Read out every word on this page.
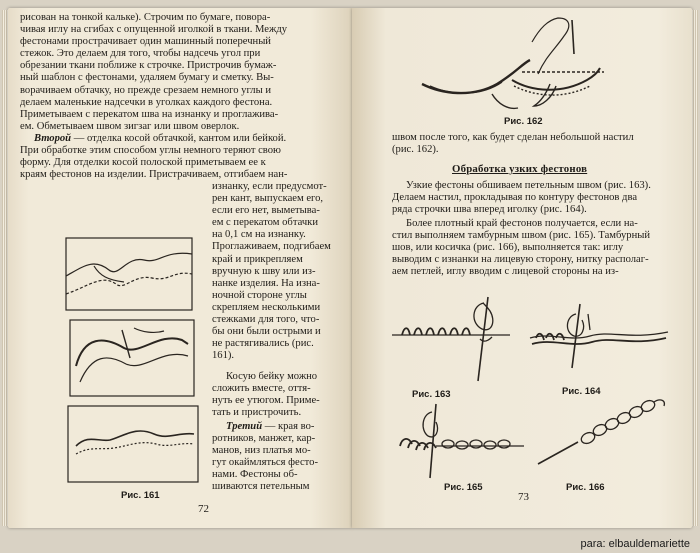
рисован на тонкой кальке). Строчим по бумаге, повора-
чивая иглу на сгибах с опущенной иголкой в ткани. Между
фестонами прострачивает один машинный поперечный
стежок. Это делаем для того, чтобы надсечь угол при
обрезании ткани поближе к строчке. Пристрочив бумаж-
ный шаблон с фестонами, удаляем бумагу и сметку. Вы-
ворачиваем обтачку, но прежде срезаем немного углы и
делаем маленькие надсечки в уголках каждого фестона.
Приметываем с перекатом шва на изнанку и проглажива-
ем. Обметываем швом зигзаг или швом оверлок.
Второй — отделка косой обтачкой, кантом или бейкой.
При обработке этим способом углы немного теряют свою
форму. Для отделки косой полоской приметываем ее к
краям фестонов на изделии. Пристрачиваем, отгибаем нан-
изнанку, если предусмот-
рен кант, выпускаем его,
если его нет, выметыва-
ем с перекатом обтачки
на 0,1 см на изнанку.
Проглаживаем, подгибаем
край и прикрепляем
вручную к шву или из-
нанке изделия. На изна-
ночной стороне углы
скрепляем несколькими
стежками для того, что-
бы они были острыми и
не растягивались (рис.
161).
Косую бейку можно
сложить вместе, оття-
нуть ее утюгом. Приме-
тать и пристрочить.
Третий — края во-
ротников, манжет, кар-
манов, низ платья мо-
гут окаймляться фесто-
нами. Фестоны об-
шиваются петельным
Рис. 161
72
Рис. 162
швом после того, как будет сделан небольшой настил
(рис. 162).
Обработка узких фестонов
Узкие фестоны обшиваем петельным швом (рис. 163).
Делаем настил, прокладывая по контуру фестонов два
ряда строчки шва вперед иголку (рис. 164).
Более плотный край фестонов получается, если на-
стил выполняем тамбурным швом (рис. 165). Тамбурный
шов, или косичка (рис. 166), выполняется так: иглу
выводим с изнанки на лицевую сторону, нитку располаг-
аем петлей, иглу вводим с лицевой стороны на из-
Рис. 163	Рис. 164
Рис. 165	Рис. 166
73
para: elbauldemariette
